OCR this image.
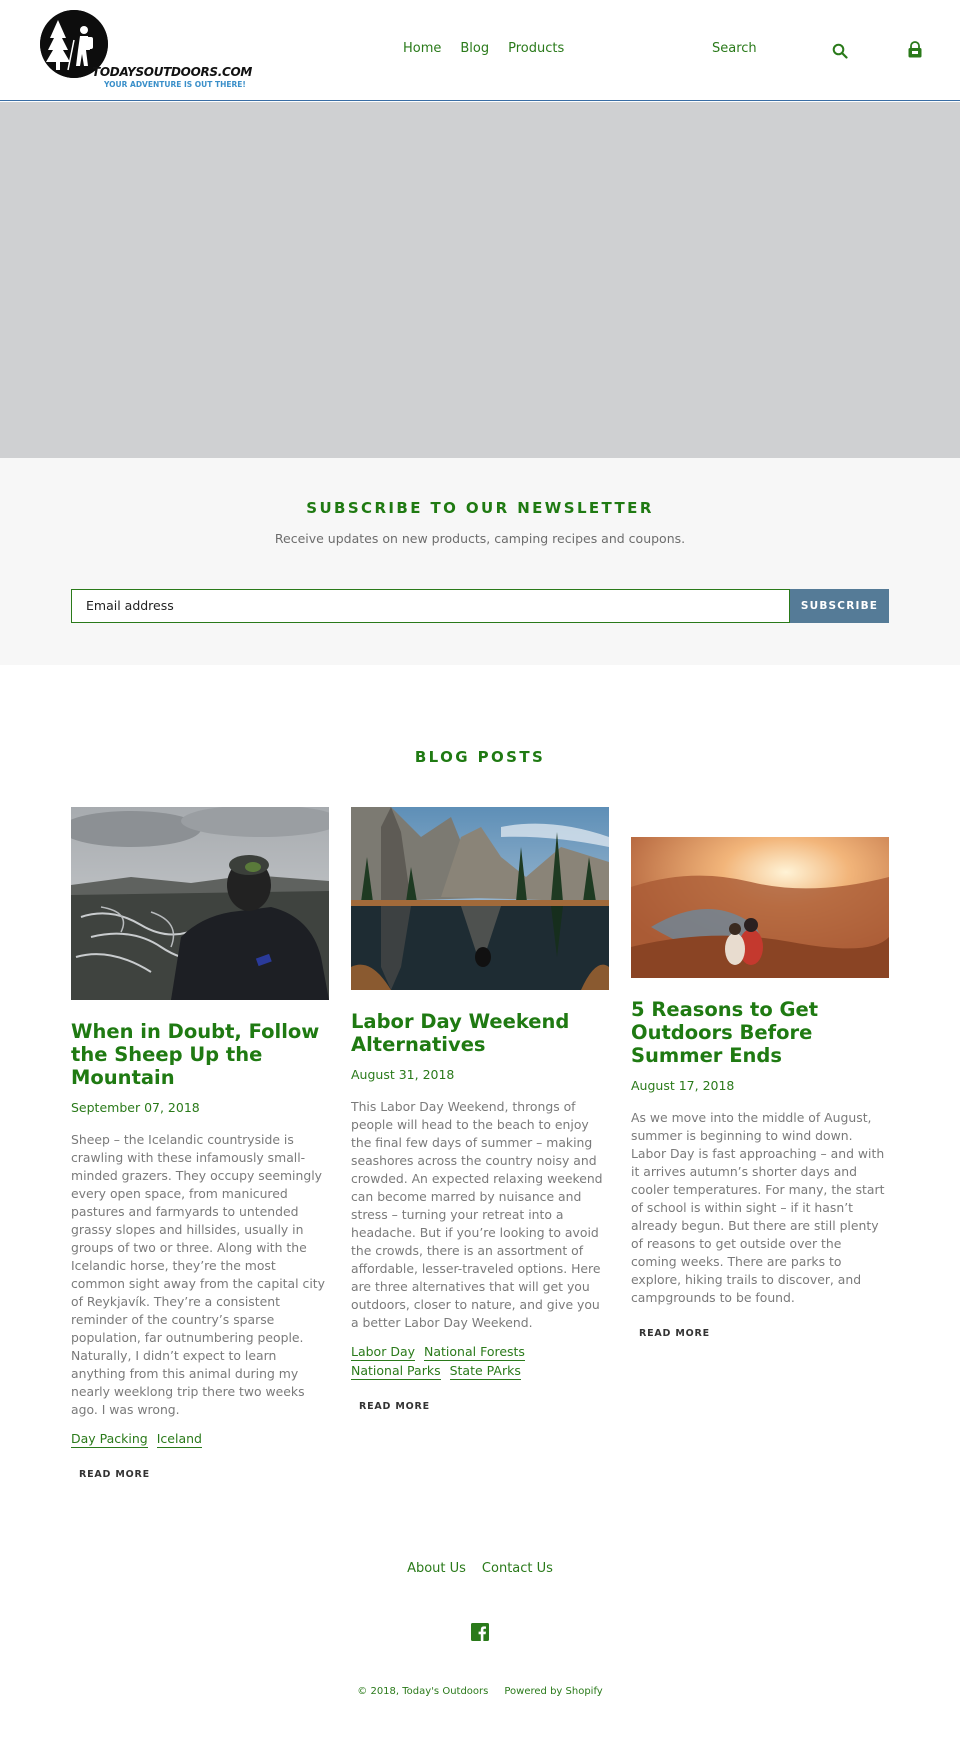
TODAYSOUTDOORS.COM
YOUR ADVENTURE IS OUT THERE!
Home Blog Products	Search
SUBSCRIBE TO OUR NEWSLETTER
Receive updates on new products, camping recipes and coupons.
Email address	SUBSCRIBE
BLOG POSTS
When in Doubt, Follow the Sheep Up the Mountain
September 07, 2018
Sheep – the Icelandic countryside is crawling with these infamously small-minded grazers. They occupy seemingly every open space, from manicured pastures and farmyards to untended grassy slopes and hillsides, usually in groups of two or three. Along with the Icelandic horse, they’re the most common sight away from the capital city of Reykjavík. They’re a consistent reminder of the country’s sparse population, far outnumbering people. Naturally, I didn’t expect to learn anything from this animal during my nearly weeklong trip there two weeks ago. I was wrong.
Day Packing Iceland
READ MORE
Labor Day Weekend Alternatives
August 31, 2018
This Labor Day Weekend, throngs of people will head to the beach to enjoy the final few days of summer – making seashores across the country noisy and crowded. An expected relaxing weekend can become marred by nuisance and stress – turning your retreat into a headache. But if you’re looking to avoid the crowds, there is an assortment of affordable, lesser-traveled options. Here are three alternatives that will get you outdoors, closer to nature, and give you a better Labor Day Weekend.
Labor Day National ForestsNational Parks State PArks
READ MORE
5 Reasons to Get Outdoors Before Summer Ends
August 17, 2018
As we move into the middle of August, summer is beginning to wind down. Labor Day is fast approaching – and with it arrives autumn’s shorter days and cooler temperatures. For many, the start of school is within sight – if it hasn’t already begun. But there are still plenty of reasons to get outside over the coming weeks. There are parks to explore, hiking trails to discover, and campgrounds to be found.
READ MORE
About Us Contact Us
© 2018, Today's Outdoors Powered by Shopify
